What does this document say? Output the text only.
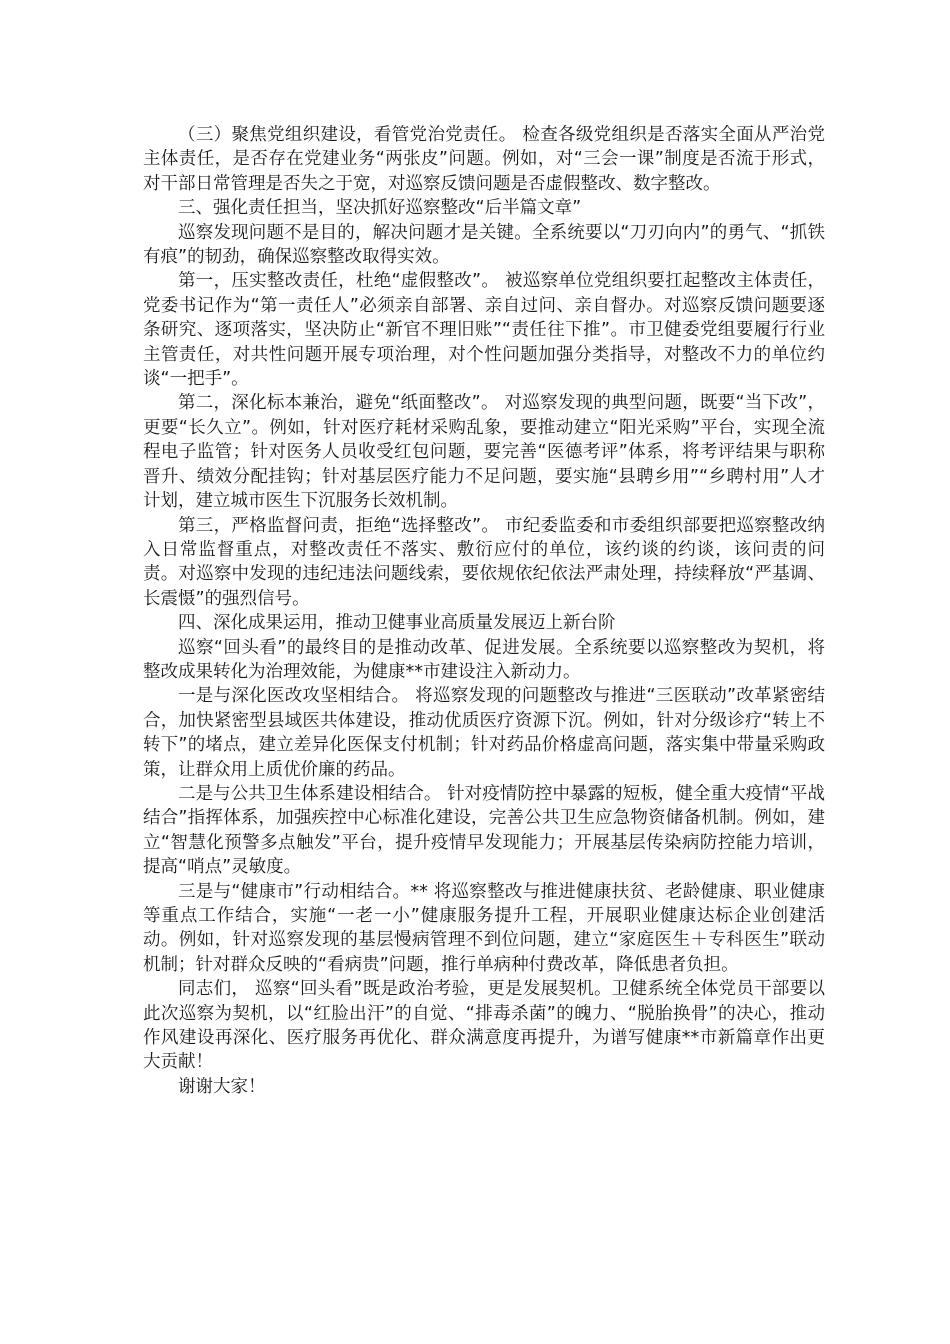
（三）聚焦党组织建设，看管党治党责任。 检查各级党组织是否落实全面从严治党主体责任，是否存在党建业务“两张皮”问题。例如，对“三会一课”制度是否流于形式，对干部日常管理是否失之于宽，对巡察反馈问题是否虚假整改、数字整改。

三、强化责任担当，坚决抓好巡察整改“后半篇文章”

巡察发现问题不是目的，解决问题才是关键。全系统要以“刀刃向内”的勇气、“抓铁有痕”的韧劲，确保巡察整改取得实效。

第一，压实整改责任，杜绝“虚假整改”。 被巡察单位党组织要扛起整改主体责任，党委书记作为“第一责任人”必须亲自部署、亲自过问、亲自督办。对巡察反馈问题要逐条研究、逐项落实，坚决防止“新官不理旧账”“责任往下推”。市卫健委党组要履行行业主管责任，对共性问题开展专项治理，对个性问题加强分类指导，对整改不力的单位约谈“一把手”。

第二，深化标本兼治，避免“纸面整改”。 对巡察发现的典型问题，既要“当下改”，更要“长久立”。例如，针对医疗耗材采购乱象，要推动建立“阳光采购”平台，实现全流程电子监管；针对医务人员收受红包问题，要完善“医德考评”体系，将考评结果与职称晋升、绩效分配挂钩；针对基层医疗能力不足问题，要实施“县聘乡用”“乡聘村用”人才计划，建立城市医生下沉服务长效机制。

第三，严格监督问责，拒绝“选择整改”。 市纪委监委和市委组织部要把巡察整改纳入日常监督重点，对整改责任不落实、敷衍应付的单位，该约谈的约谈，该问责的问责。对巡察中发现的违纪违法问题线索，要依规依纪依法严肃处理，持续释放“严基调、长震慑”的强烈信号。

四、深化成果运用，推动卫健事业高质量发展迈上新台阶

巡察“回头看”的最终目的是推动改革、促进发展。全系统要以巡察整改为契机，将整改成果转化为治理效能，为健康**市建设注入新动力。

一是与深化医改攻坚相结合。 将巡察发现的问题整改与推进“三医联动”改革紧密结合，加快紧密型县域医共体建设，推动优质医疗资源下沉。例如，针对分级诊疗“转上不转下”的堵点，建立差异化医保支付机制；针对药品价格虚高问题，落实集中带量采购政策，让群众用上质优价廉的药品。

二是与公共卫生体系建设相结合。 针对疫情防控中暴露的短板，健全重大疫情“平战结合”指挥体系，加强疾控中心标准化建设，完善公共卫生应急物资储备机制。例如，建立“智慧化预警多点触发”平台，提升疫情早发现能力；开展基层传染病防控能力培训，提高“哨点”灵敏度。

三是与“健康市”行动相结合。** 将巡察整改与推进健康扶贫、老龄健康、职业健康等重点工作结合，实施“一老一小”健康服务提升工程，开展职业健康达标企业创建活动。例如，针对巡察发现的基层慢病管理不到位问题，建立“家庭医生＋专科医生”联动机制；针对群众反映的“看病贵”问题，推行单病种付费改革，降低患者负担。

同志们， 巡察“回头看”既是政治考验，更是发展契机。卫健系统全体党员干部要以此次巡察为契机，以“红脸出汗”的自觉、“排毒杀菌”的魄力、“脱胎换骨”的决心，推动作风建设再深化、医疗服务再优化、群众满意度再提升，为谱写健康**市新篇章作出更大贡献！

谢谢大家！
